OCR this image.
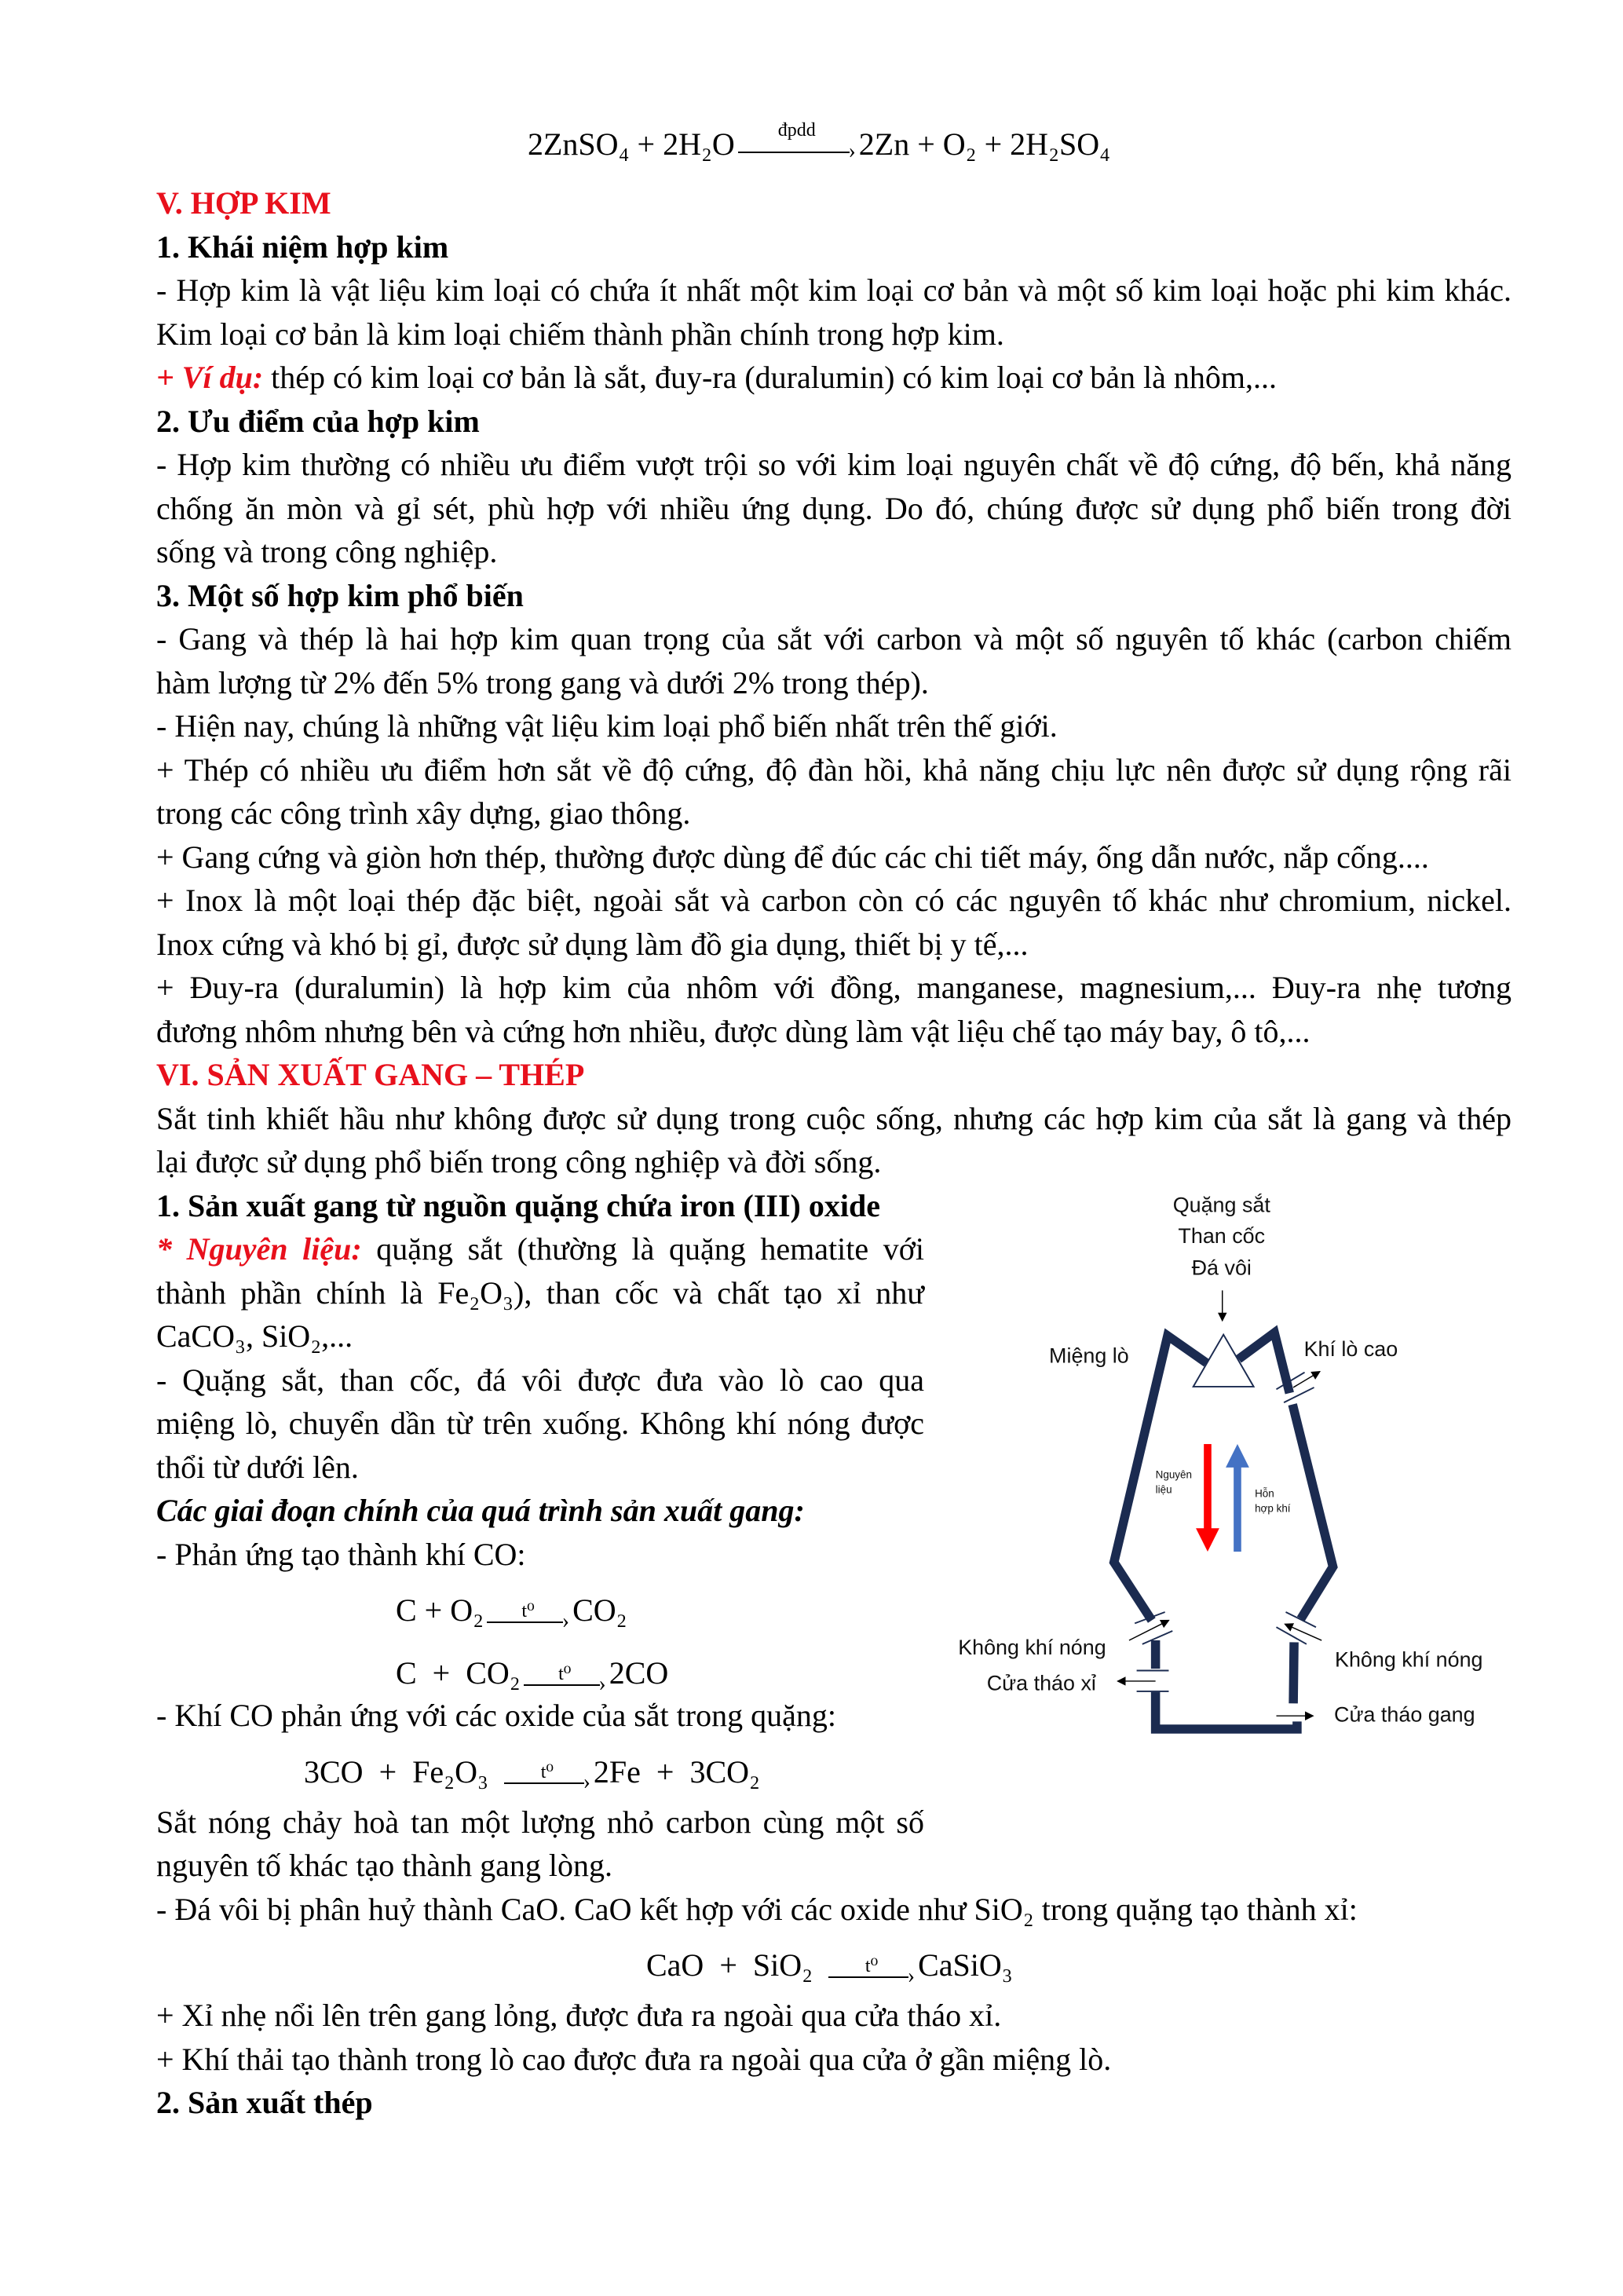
2ZnSO₄ + 2H₂O	đpdd
› 2Zn + O₂ + 2H₂SO₄
V. HỢP KIM
1. Khái niệm hợp kim
- Hợp kim là vật liệu kim loại có chứa ít nhất một kim loại cơ bản và một số kim loại hoặc phi kim khác.
Kim loại cơ bản là kim loại chiếm thành phần chính trong hợp kim.
+ Ví dụ: thép có kim loại cơ bản là sắt, đuy-ra (duralumin) có kim loại cơ bản là nhôm,...
2. Ưu điểm của hợp kim
- Hợp kim thường có nhiều ưu điểm vượt trội so với kim loại nguyên chất về độ cứng, độ bến, khả năng
chống ăn mòn và gỉ sét, phù hợp với nhiều ứng dụng. Do đó, chúng được sử dụng phổ biến trong đời
sống và trong công nghiệp.
3. Một số hợp kim phổ biến
- Gang và thép là hai hợp kim quan trọng của sắt với carbon và một số nguyên tố khác (carbon chiếm
hàm lượng từ 2% đến 5% trong gang và dưới 2% trong thép).
- Hiện nay, chúng là những vật liệu kim loại phổ biến nhất trên thế giới.
+ Thép có nhiều ưu điểm hơn sắt về độ cứng, độ đàn hồi, khả năng chịu lực nên được sử dụng rộng rãi
trong các công trình xây dựng, giao thông.
+ Gang cứng và giòn hơn thép, thường được dùng để đúc các chi tiết máy, ống dẫn nước, nắp cống....
+ Inox là một loại thép đặc biệt, ngoài sắt và carbon còn có các nguyên tố khác như chromium, nickel.
Inox cứng và khó bị gỉ, được sử dụng làm đồ gia dụng, thiết bị y tế,...
+ Đuy-ra (duralumin) là hợp kim của nhôm với đồng, manganese, magnesium,... Đuy-ra nhẹ tương
đương nhôm nhưng bên và cứng hơn nhiều, được dùng làm vật liệu chế tạo máy bay, ô tô,...
VI. SẢN XUẤT GANG – THÉP
Sắt tinh khiết hầu như không được sử dụng trong cuộc sống, nhưng các hợp kim của sắt là gang và thép
lại được sử dụng phổ biến trong công nghiệp và đời sống.
1. Sản xuất gang từ nguồn quặng chứa iron (III) oxide
* Nguyên liệu: quặng sắt (thường là quặng hematite với
thành phần chính là Fe₂O₃), than cốc và chất tạo xỉ như
CaCO₃, SiO₂,...
- Quặng sắt, than cốc, đá vôi được đưa vào lò cao qua
miệng lò, chuyển dần từ trên xuống. Không khí nóng được
thổi từ dưới lên.
Các giai đoạn chính của quá trình sản xuất gang:
- Phản ứng tạo thành khí CO:
C + O₂	t⁰	› CO₂
C  +  CO₂	t⁰	› 2CO
- Khí CO phản ứng với các oxide của sắt trong quặng:
3CO  +  Fe₂O₃	t⁰	› 2Fe  +  3CO₂
Sắt nóng chảy hoà tan một lượng nhỏ carbon cùng một số
nguyên tố khác tạo thành gang lòng.
- Đá vôi bị phân huỷ thành CaO. CaO kết hợp với các oxide như SiO₂ trong quặng tạo thành xỉ:
CaO  +  SiO₂	t⁰	› CaSiO₃
+ Xỉ nhẹ nổi lên trên gang lỏng, được đưa ra ngoài qua cửa tháo xỉ.
+ Khí thải tạo thành trong lò cao được đưa ra ngoài qua cửa ở gần miệng lò.
2. Sản xuất thép
Quặng sắt
Than cốc
Đá vôi
Nguyên
liệu	Hỗn
hợp khí
Miệng lò	Khí lò cao
Không khí nóng
Cửa tháo xỉ
Không khí nóng
Cửa tháo gang
